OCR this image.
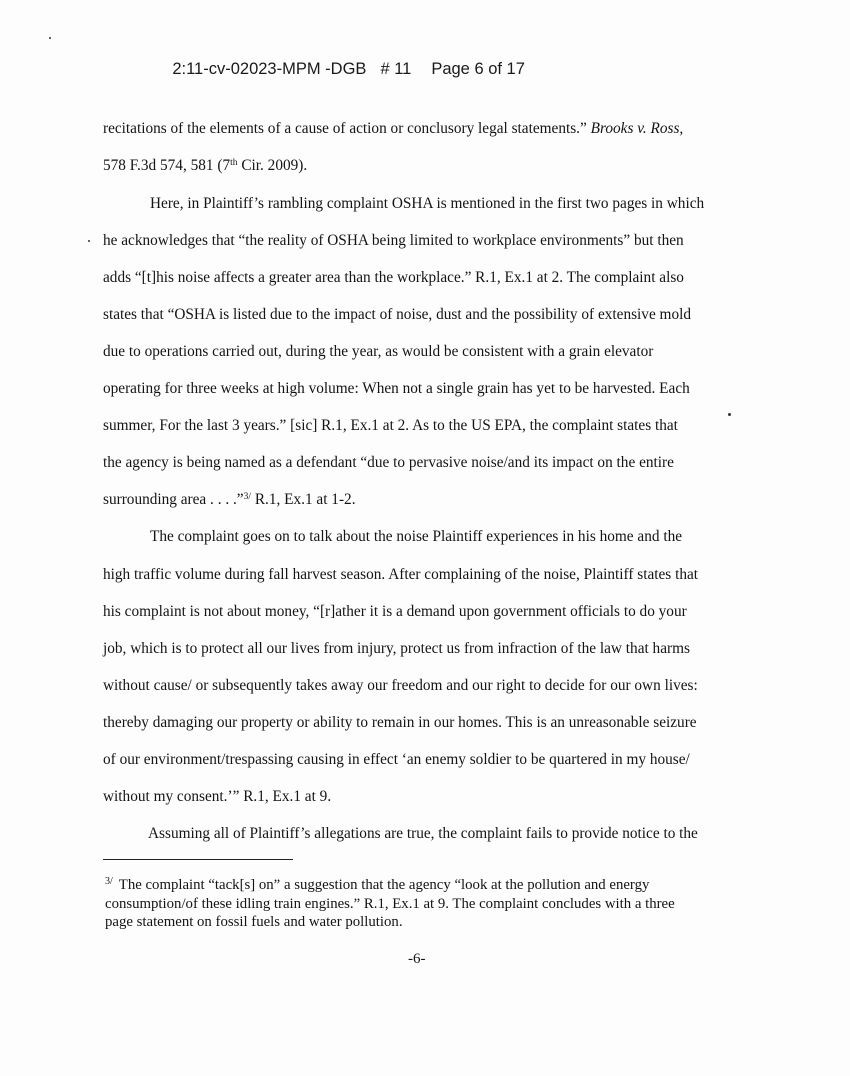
2:11-cv-02023-MPM -DGB # 11 Page 6 of 17

recitations of the elements of a cause of action or conclusory legal statements.” Brooks v. Ross,
578 F.3d 574, 581 (7th Cir. 2009).
Here, in Plaintiff’s rambling complaint OSHA is mentioned in the first two pages in which
he acknowledges that “the reality of OSHA being limited to workplace environments” but then
adds “[t]his noise affects a greater area than the workplace.” R.1, Ex.1 at 2. The complaint also
states that “OSHA is listed due to the impact of noise, dust and the possibility of extensive mold
due to operations carried out, during the year, as would be consistent with a grain elevator
operating for three weeks at high volume: When not a single grain has yet to be harvested. Each
summer, For the last 3 years.” [sic] R.1, Ex.1 at 2. As to the US EPA, the complaint states that
the agency is being named as a defendant “due to pervasive noise/and its impact on the entire
surrounding area . . . .”$^{3/}$ R.1, Ex.1 at 1-2.
The complaint goes on to talk about the noise Plaintiff experiences in his home and the
high traffic volume during fall harvest season. After complaining of the noise, Plaintiff states that
his complaint is not about money, “[r]ather it is a demand upon government officials to do your
job, which is to protect all our lives from injury, protect us from infraction of the law that harms
without cause/ or subsequently takes away our freedom and our right to decide for our own lives:
thereby damaging our property or ability to remain in our homes. This is an unreasonable seizure
of our environment/trespassing causing in effect ‘an enemy soldier to be quartered in my house/
without my consent.’” R.1, Ex.1 at 9.
Assuming all of Plaintiff’s allegations are true, the complaint fails to provide notice to the
$^{3/}$ The complaint “tack[s] on” a suggestion that the agency “look at the pollution and energy
consumption/of these idling train engines.” R.1, Ex.1 at 9. The complaint concludes with a three
page statement on fossil fuels and water pollution.
-6-
